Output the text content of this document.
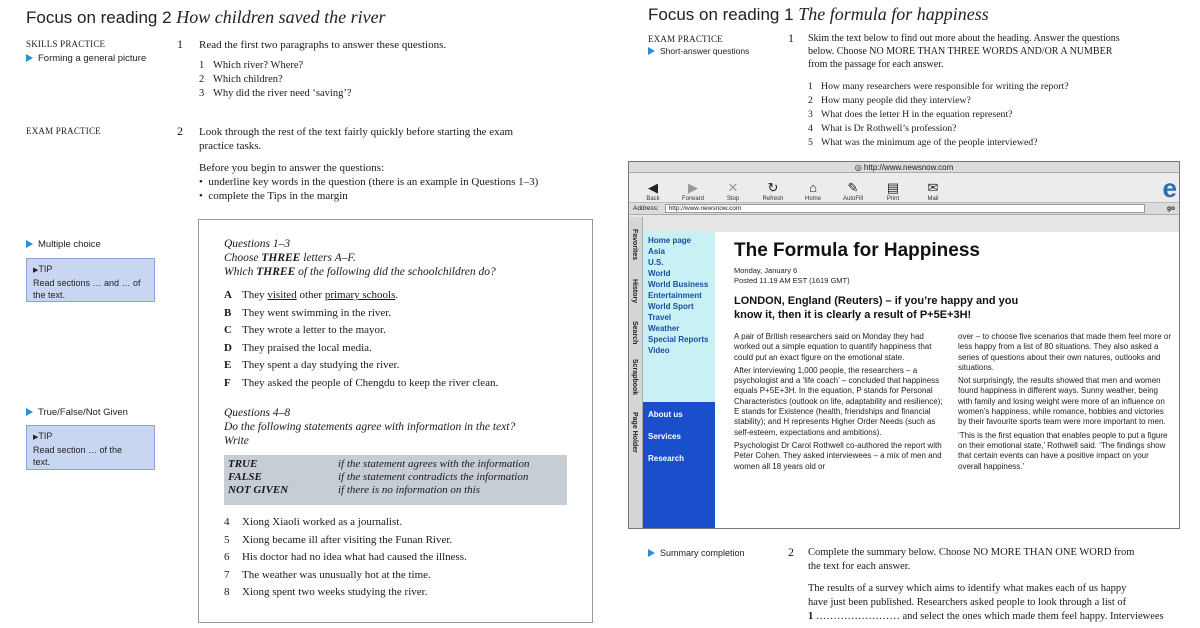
Focus on reading 2 How children saved the river
SKILLS PRACTICE
Forming a general picture
1 Read the first two paragraphs to answer these questions.
1 Which river? Where?
2 Which children?
3 Why did the river need ‘saving’?
EXAM PRACTICE	2 Look through the rest of the text fairly quickly before starting the exam
practice tasks.
Before you begin to answer the questions:
•  underline key words in the question (there is an example in Questions 1–3)
•  complete the Tips in the margin
Multiple choice
▶TIP
Read sections … and … of
the text.
True/False/Not Given
▶TIP
Read section … of the
text.
Questions 1–3
Choose THREE letters A–F.
Which THREE of the following did the schoolchildren do?
A They visited other primary schools.
B They went swimming in the river.
C They wrote a letter to the mayor.
D They praised the local media.
E They spent a day studying the river.
F They asked the people of Chengdu to keep the river clean.
Questions 4–8
Do the following statements agree with information in the text?
Write
TRUE	if the statement agrees with the information
FALSE	if the statement contradicts the information
NOT GIVEN	if there is no information on this
4 Xiong Xiaoli worked as a journalist.
5 Xiong became ill after visiting the Funan River.
6 His doctor had no idea what had caused the illness.
7 The weather was unusually hot at the time.
8 Xiong spent two weeks studying the river.
Focus on reading 1 The formula for happiness
EXAM PRACTICE
Short-answer questions
1 Skim the text below to find out more about the heading. Answer the questions
below. Choose NO MORE THAN THREE WORDS AND/OR A NUMBER
from the passage for each answer.
1 How many researchers were responsible for writing the report?
2 How many people did they interview?
3 What does the letter H in the equation represent?
4 What is Dr Rothwell’s profession?
5 What was the minimum age of the people interviewed?
◎ http://www.newsnow.com
◀
Back
▶
Forward
✕
Stop
↻
Refresh
⌂
Home
✎
AutoFill
▤
Print
✉
Mail	e
Address:	http://www.newsnow.com	go
Favorites
History
Search
Scrapbook
Page Holder
Home page
Asia
U.S.
World
World Business
Entertainment
World Sport
Travel
Weather
Special Reports
Video
About us
Services
Research
The Formula for Happiness
Monday, January 6
Posted 11.19 AM EST (1619 GMT)
LONDON, England (Reuters) – if you’re happy and you
know it, then it is clearly a result of P+5E+3H!

A pair of British researchers said on Monday they had worked out a simple equation to quantify happiness that could put an exact figure on the emotional state.

After interviewing 1,000 people, the researchers – a psychologist and a ‘life coach’ – concluded that happiness equals P+5E+3H. In the equation, P stands for Personal Characteristics (outlook on life, adaptability and resilience); E stands for Existence (health, friendships and financial stability); and H represents Higher Order Needs (such as self-esteem, expectations and ambitions).

Psychologist Dr Carol Rothwell co-authored the report with Peter Cohen. They asked interviewees – a mix of men and women all 18 years old or

over – to choose five scenarios that made them feel more or less happy from a list of 80 situations. They also asked a series of questions about their own natures, outlooks and situations.

Not surprisingly, the results showed that men and women found happiness in different ways. Sunny weather, being with family and losing weight were more of an influence on women’s happiness, while romance, hobbies and victories by their favourite sports team were more important to men.

‘This is the first equation that enables people to put a figure on their emotional state,’ Rothwell said. ‘The findings show that certain events can have a positive impact on your overall happiness.’

Summary completion	2 Complete the summary below. Choose NO MORE THAN ONE WORD from
the text for each answer.
The results of a survey which aims to identify what makes each of us happy
have just been published. Researchers asked people to look through a list of
1 …………………… and select the ones which made them feel happy. Interviewees
